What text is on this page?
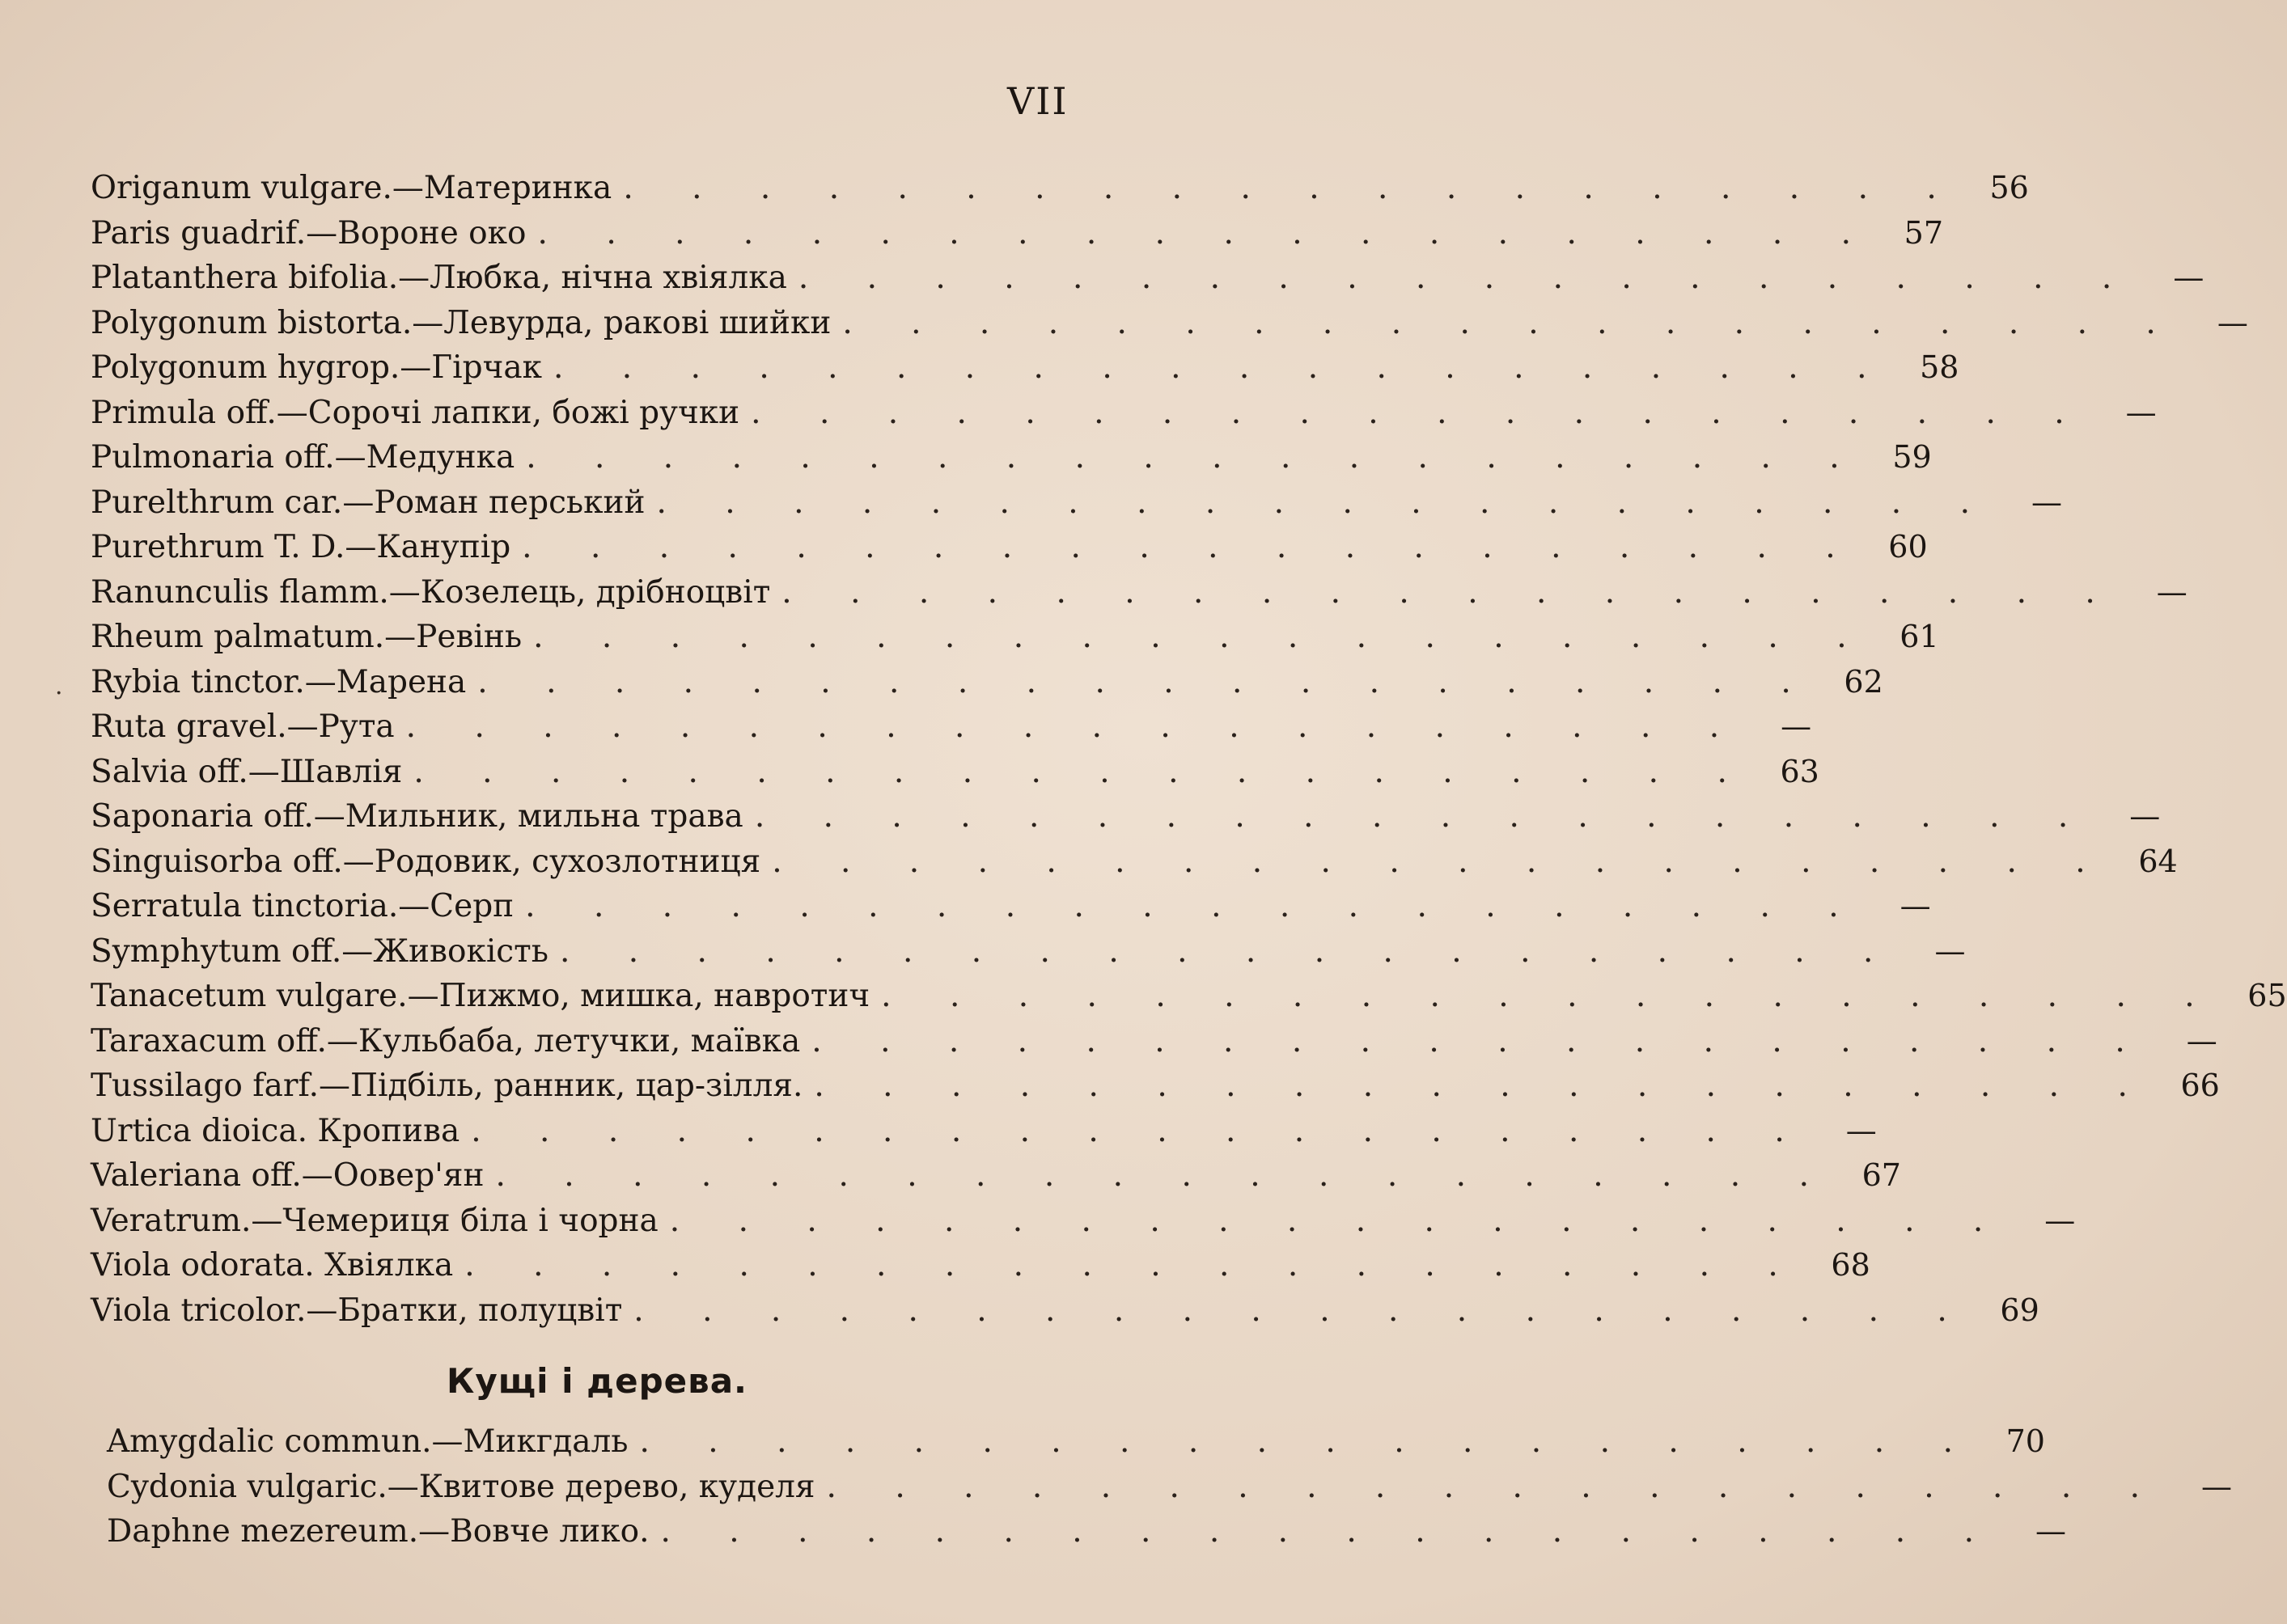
VII
·
Origanum vulgare.—Материнка . . . . . . . . . . . . . . . . . . . . 56
Paris guadrif.—Вороне око . . . . . . . . . . . . . . . . . . . . 57
Platanthera bifolia.—Любка, нічна хвіялка . . . . . . . . . . . . . . . . . . . .	—
Polygonum bistorta.—Левурда, ракові шийки . . . . . . . . . . . . . . . . . . . .	—
Polygonum hygrop.—Гірчак . . . . . . . . . . . . . . . . . . . . 58
Primula off.—Сорочі лапки, божі ручки . . . . . . . . . . . . . . . . . . . .	—
Pulmonaria off.—Медунка . . . . . . . . . . . . . . . . . . . . 59
Purelthrum car.—Роман перський . . . . . . . . . . . . . . . . . . . .	—
Purethrum T. D.—Канупір . . . . . . . . . . . . . . . . . . . . 60
Ranunculis flamm.—Козелець, дрібноцвіт . . . . . . . . . . . . . . . . . . . .	—
Rheum palmatum.—Ревінь . . . . . . . . . . . . . . . . . . . . 61
Rybia tinctor.—Марена . . . . . . . . . . . . . . . . . . . . 62
Ruta gravel.—Рута . . . . . . . . . . . . . . . . . . . .	—
Salvia off.—Шавлія . . . . . . . . . . . . . . . . . . . . 63
Saponaria off.—Мильник, мильна трава . . . . . . . . . . . . . . . . . . . .	—
Singuisorba off.—Родовик, сухозлотниця . . . . . . . . . . . . . . . . . . . . 64
Serratula tinctoria.—Серп . . . . . . . . . . . . . . . . . . . .	—
Symphytum off.—Живокість . . . . . . . . . . . . . . . . . . . .	—
Tanacetum vulgare.—Пижмо, мишка, навротич . . . . . . . . . . . . . . . . . . . . 65
Taraxacum off.—Кульбаба, летучки, маївка . . . . . . . . . . . . . . . . . . . .	—
Tussilago farf.—Підбіль, ранник, цар-зілля. . . . . . . . . . . . . . . . . . . . . 66
Urtica dioica. Кропива . . . . . . . . . . . . . . . . . . . .	—
Valeriana off.—Оовер'ян . . . . . . . . . . . . . . . . . . . . 67
Veratrum.—Чемериця біла і чорна . . . . . . . . . . . . . . . . . . . .	—
Viola odorata. Хвіялка . . . . . . . . . . . . . . . . . . . . 68
Viola tricolor.—Братки, полуцвіт . . . . . . . . . . . . . . . . . . . . 69
Кущі і дерева.
Amygdalic commun.—Микгдаль . . . . . . . . . . . . . . . . . . . . 70
Cydonia vulgaric.—Квитове дерево, куделя . . . . . . . . . . . . . . . . . . . .	—
Daphne mezereum.—Вовче лико. . . . . . . . . . . . . . . . . . . . .	—
